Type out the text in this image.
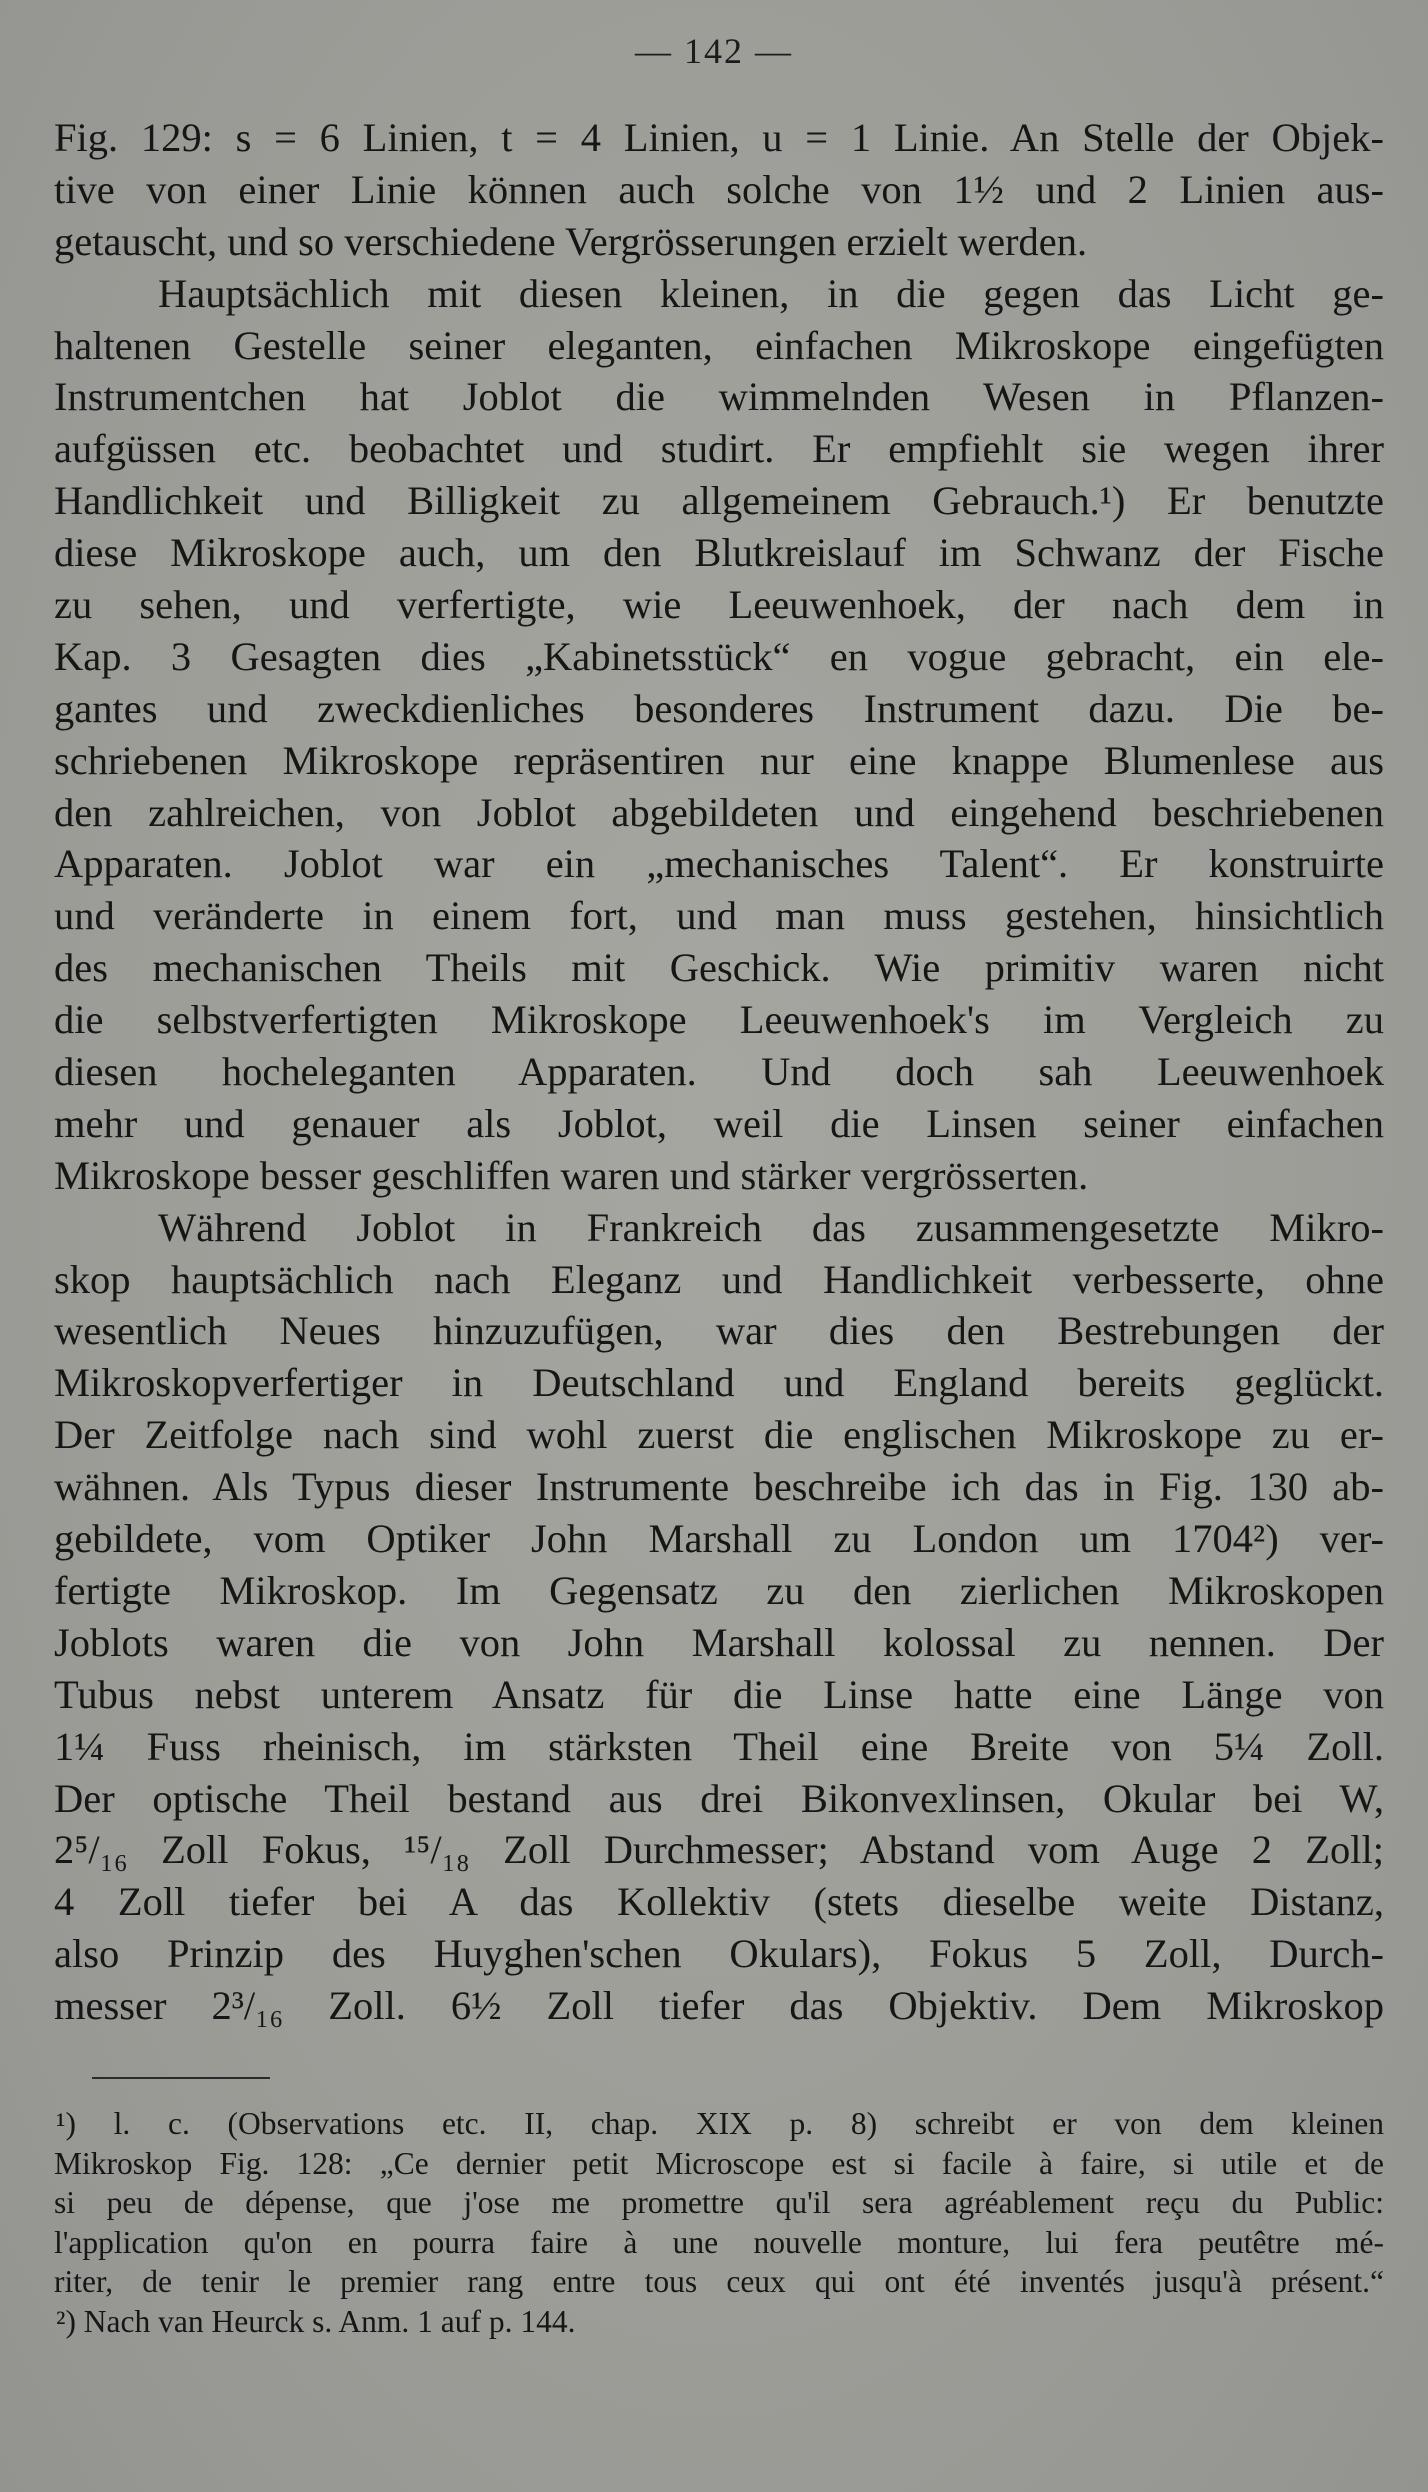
— 142 —
Fig. 129: s = 6 Linien, t = 4 Linien, u = 1 Linie. An Stelle der Objek-
tive von einer Linie können auch solche von 1½ und 2 Linien aus-
getauscht, und so verschiedene Vergrösserungen erzielt werden.
Hauptsächlich mit diesen kleinen, in die gegen das Licht ge-
haltenen Gestelle seiner eleganten, einfachen Mikroskope eingefügten
Instrumentchen hat Joblot die wimmelnden Wesen in Pflanzen-
aufgüssen etc. beobachtet und studirt. Er empfiehlt sie wegen ihrer
Handlichkeit und Billigkeit zu allgemeinem Gebrauch.¹) Er benutzte
diese Mikroskope auch, um den Blutkreislauf im Schwanz der Fische
zu sehen, und verfertigte, wie Leeuwenhoek, der nach dem in
Kap. 3 Gesagten dies „Kabinetsstück“ en vogue gebracht, ein ele-
gantes und zweckdienliches besonderes Instrument dazu. Die be-
schriebenen Mikroskope repräsentiren nur eine knappe Blumenlese aus
den zahlreichen, von Joblot abgebildeten und eingehend beschriebenen
Apparaten. Joblot war ein „mechanisches Talent“. Er konstruirte
und veränderte in einem fort, und man muss gestehen, hinsichtlich
des mechanischen Theils mit Geschick. Wie primitiv waren nicht
die selbstverfertigten Mikroskope Leeuwenhoek's im Vergleich zu
diesen hocheleganten Apparaten. Und doch sah Leeuwenhoek
mehr und genauer als Joblot, weil die Linsen seiner einfachen
Mikroskope besser geschliffen waren und stärker vergrösserten.
Während Joblot in Frankreich das zusammengesetzte Mikro-
skop hauptsächlich nach Eleganz und Handlichkeit verbesserte, ohne
wesentlich Neues hinzuzufügen, war dies den Bestrebungen der
Mikroskopverfertiger in Deutschland und England bereits geglückt.
Der Zeitfolge nach sind wohl zuerst die englischen Mikroskope zu er-
wähnen. Als Typus dieser Instrumente beschreibe ich das in Fig. 130 ab-
gebildete, vom Optiker John Marshall zu London um 1704²) ver-
fertigte Mikroskop. Im Gegensatz zu den zierlichen Mikroskopen
Joblots waren die von John Marshall kolossal zu nennen. Der
Tubus nebst unterem Ansatz für die Linse hatte eine Länge von
1¼ Fuss rheinisch, im stärksten Theil eine Breite von 5¼ Zoll.
Der optische Theil bestand aus drei Bikonvexlinsen, Okular bei W,
2⁵/₁₆ Zoll Fokus, ¹⁵/₁₈ Zoll Durchmesser; Abstand vom Auge 2 Zoll;
4 Zoll tiefer bei A das Kollektiv (stets dieselbe weite Distanz,
also Prinzip des Huyghen'schen Okulars), Fokus 5 Zoll, Durch-
messer 2³/₁₆ Zoll. 6½ Zoll tiefer das Objektiv. Dem Mikroskop
¹) l. c. (Observations etc. II, chap. XIX p. 8) schreibt er von dem kleinen
Mikroskop Fig. 128: „Ce dernier petit Microscope est si facile à faire, si utile et de
si peu de dépense, que j'ose me promettre qu'il sera agréablement reçu du Public:
l'application qu'on en pourra faire à une nouvelle monture, lui fera peutêtre mé-
riter, de tenir le premier rang entre tous ceux qui ont été inventés jusqu'à présent.“
²) Nach van Heurck s. Anm. 1 auf p. 144.
